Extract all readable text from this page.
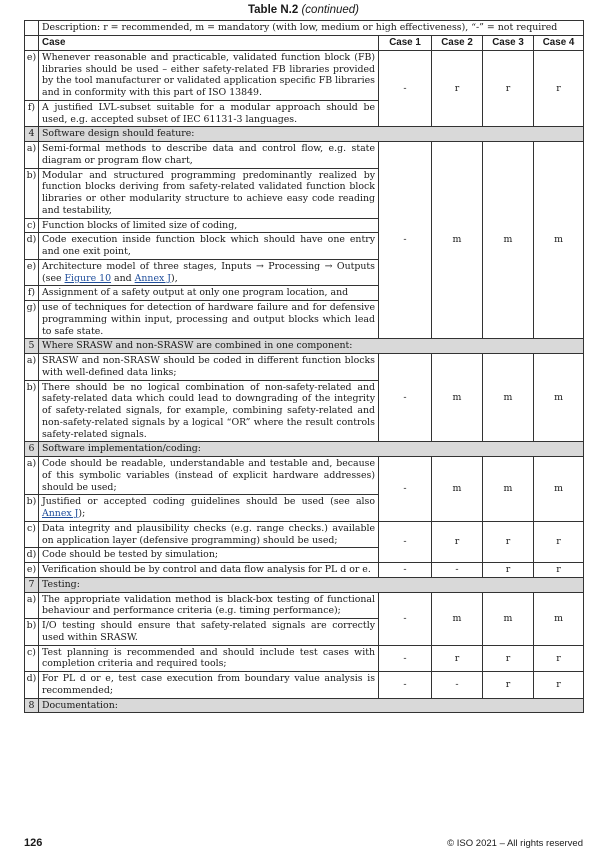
Table N.2 (continued)
	Description: r = recommended, m = mandatory (with low, medium or high effectiveness), “-” = not required				
	Case	Case 1	Case 2	Case 3	Case 4
e)	Whenever reasonable and practicable, validated function block (FB) libraries should be used – either safety-related FB libraries provided by the tool manufacturer or validated application specific FB libraries and in conformity with this part of ISO 13849.	-	r	r	r
f)	A justified LVL-subset suitable for a modular approach should be used, e.g. accepted subset of IEC 61131-3 languages.				
4	Software design should feature:				
a)	Semi-formal methods to describe data and control flow, e.g. state diagram or program flow chart,	-	m	m	m
b)	Modular and structured programming predominantly realized by function blocks deriving from safety-related validated function block libraries or other modularity structure to achieve easy code reading and testability,				
c)	Function blocks of limited size of coding,				
d)	Code execution inside function block which should have one entry and one exit point,				
e)	Architecture model of three stages, Inputs → Processing → Outputs (see Figure 10 and Annex J),				
f)	Assignment of a safety output at only one program location, and				
g)	use of techniques for detection of hardware failure and for defensive programming within input, processing and output blocks which lead to safe state.				
5	Where SRASW and non-SRASW are combined in one component:				
a)	SRASW and non-SRASW should be coded in different function blocks with well-defined data links;	-	m	m	m
b)	There should be no logical combination of non-safety-related and safety-related data which could lead to downgrading of the integrity of safety-related signals, for example, combining safety-related and non-safety-related signals by a logical “OR” where the result controls safety-related signals.				
6	Software implementation/coding:				
a)	Code should be readable, understandable and testable and, because of this symbolic variables (instead of explicit hardware addresses) should be used;	-	m	m	m
b)	Justified or accepted coding guidelines should be used (see also Annex J);				
c)	Data integrity and plausibility checks (e.g. range checks.) available on application layer (defensive programming) should be used;	-	r	r	r
d)	Code should be tested by simulation;				
e)	Verification should be by control and data flow analysis for PL d or e.	-	-	r	r
7	Testing:				
a)	The appropriate validation method is black-box testing of functional behaviour and performance criteria (e.g. timing performance);	-	m	m	m
b)	I/O testing should ensure that safety-related signals are correctly used within SRASW.				
c)	Test planning is recommended and should include test cases with completion criteria and required tools;	-	r	r	r
d)	For PL d or e, test case execution from boundary value analysis is recommended;	-	-	r	r
8	Documentation:				
126	© ISO 2021 – All rights reserved
